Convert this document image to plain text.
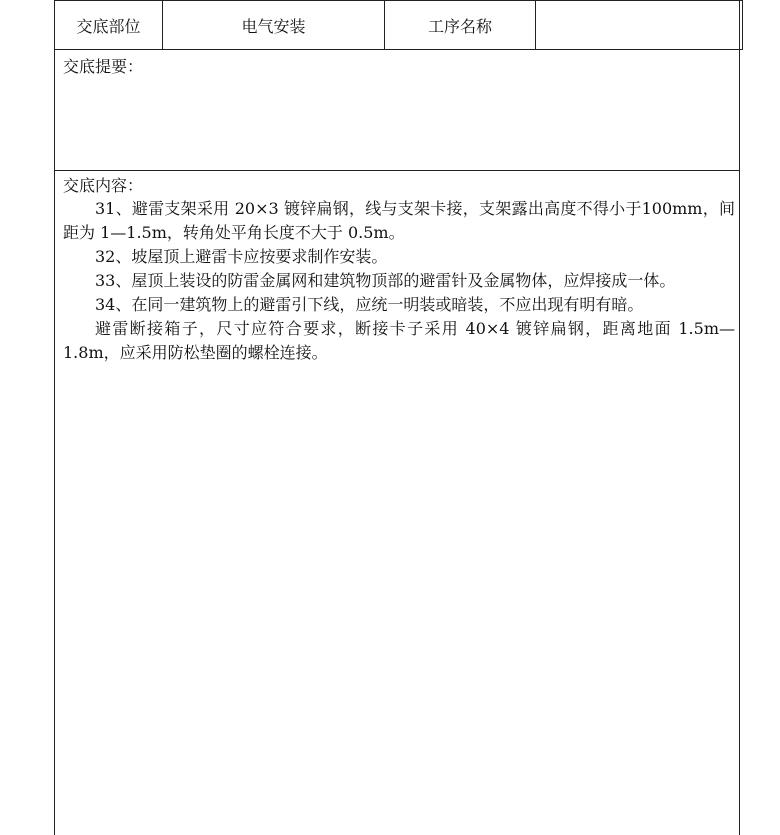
交底部位	电气安装	工序名称	
交底提要：
交底内容：

31、避雷支架采用 20×3 镀锌扁钢，线与支架卡接，支架露出高度不得小于100mm，间距为 1—1.5m，转角处平角长度不大于 0.5m。

32、坡屋顶上避雷卡应按要求制作安装。

33、屋顶上装设的防雷金属网和建筑物顶部的避雷针及金属物体，应焊接成一体。

34、在同一建筑物上的避雷引下线，应统一明装或暗装，不应出现有明有暗。

避雷断接箱子，尺寸应符合要求，断接卡子采用 40×4 镀锌扁钢，距离地面 1.5m—1.8m，应采用防松垫圈的螺栓连接。
